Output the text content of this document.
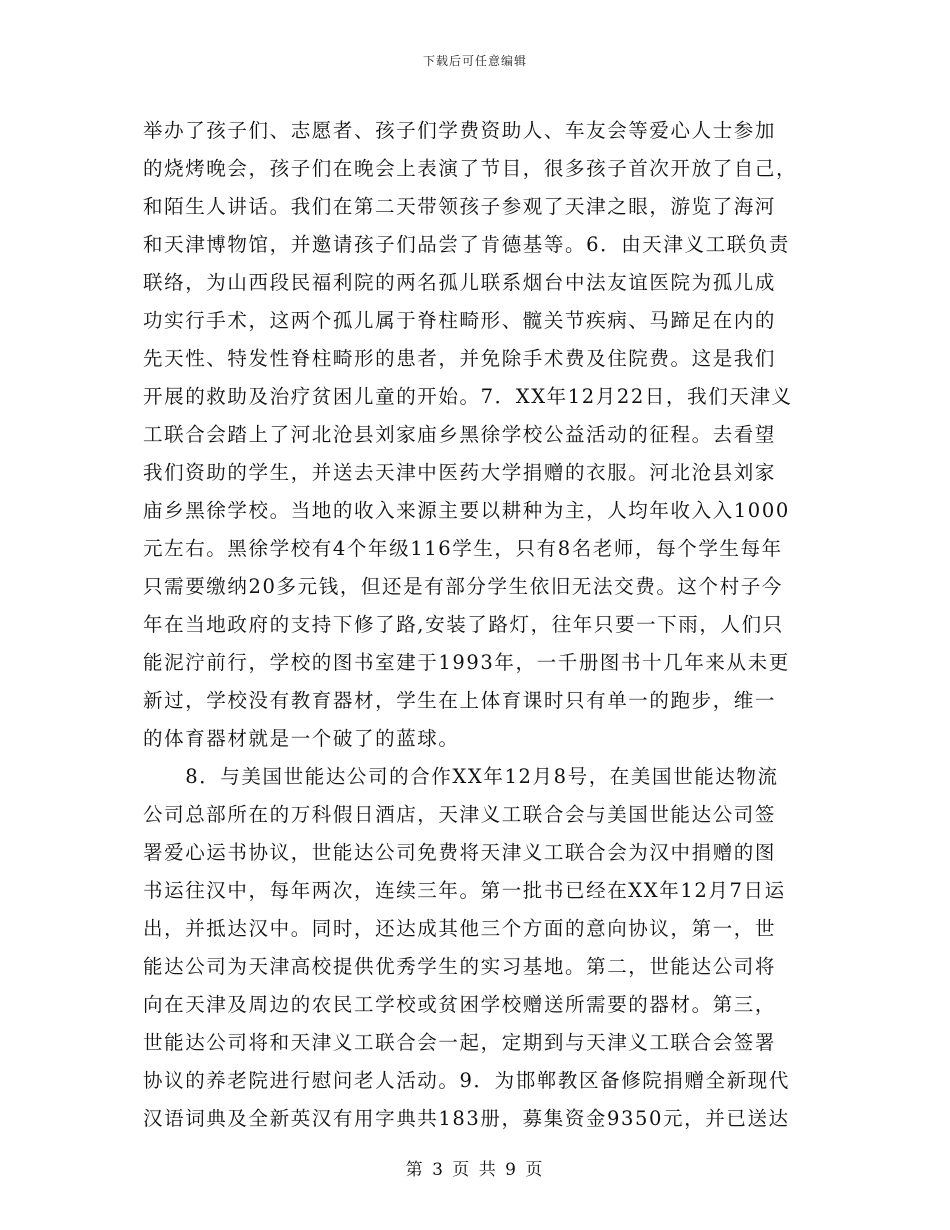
下载后可任意编辑
举办了孩子们、志愿者、孩子们学费资助人、车友会等爱心人士参加
的烧烤晚会，孩子们在晚会上表演了节目，很多孩子首次开放了自己，
和陌生人讲话。我们在第二天带领孩子参观了天津之眼，游览了海河
和天津博物馆，并邀请孩子们品尝了肯德基等。6．由天津义工联负责
联络，为山西段民福利院的两名孤儿联系烟台中法友谊医院为孤儿成
功实行手术，这两个孤儿属于脊柱畸形、髋关节疾病、马蹄足在内的
先天性、特发性脊柱畸形的患者，并免除手术费及住院费。这是我们
开展的救助及治疗贫困儿童的开始。7．XX年12月22日，我们天津义
工联合会踏上了河北沧县刘家庙乡黑徐学校公益活动的征程。去看望
我们资助的学生，并送去天津中医药大学捐赠的衣服。河北沧县刘家
庙乡黑徐学校。当地的收入来源主要以耕种为主，人均年收入入1000
元左右。黑徐学校有4个年级116学生，只有8名老师，每个学生每年
只需要缴纳20多元钱，但还是有部分学生依旧无法交费。这个村子今
年在当地政府的支持下修了路,安装了路灯，往年只要一下雨，人们只
能泥泞前行，学校的图书室建于1993年，一千册图书十几年来从未更
新过，学校没有教育器材，学生在上体育课时只有单一的跑步，维一
的体育器材就是一个破了的蓝球。
　　8．与美国世能达公司的合作XX年12月8号，在美国世能达物流
公司总部所在的万科假日酒店，天津义工联合会与美国世能达公司签
署爱心运书协议，世能达公司免费将天津义工联合会为汉中捐赠的图
书运往汉中，每年两次，连续三年。第一批书已经在XX年12月7日运
出，并抵达汉中。同时，还达成其他三个方面的意向协议，第一，世
能达公司为天津高校提供优秀学生的实习基地。第二，世能达公司将
向在天津及周边的农民工学校或贫困学校赠送所需要的器材。第三，
世能达公司将和天津义工联合会一起，定期到与天津义工联合会签署
协议的养老院进行慰问老人活动。9．为邯郸教区备修院捐赠全新现代
汉语词典及全新英汉有用字典共183册，募集资金9350元，并已送达
第 3 页 共 9 页
